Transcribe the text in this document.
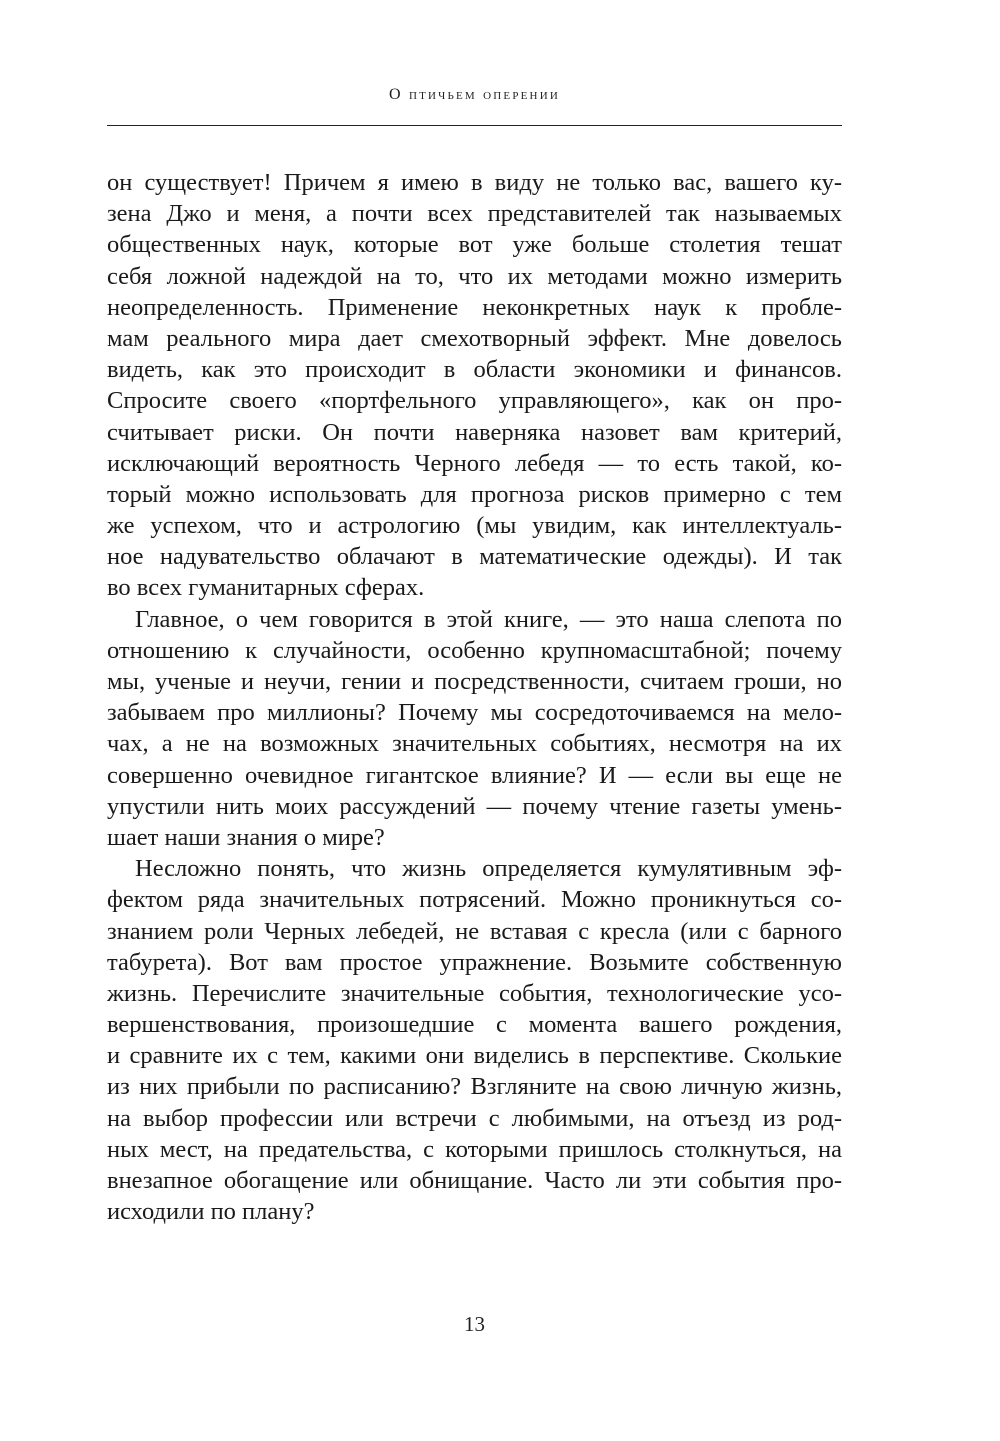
О птичьем оперении
он существует! Причем я имею в виду не только вас, вашего ку-
зена Джо и меня, а почти всех представителей так называемых
общественных наук, которые вот уже больше столетия тешат
себя ложной надеждой на то, что их методами можно измерить
неопределенность. Применение неконкретных наук к пробле-
мам реального мира дает смехотворный эффект. Мне довелось
видеть, как это происходит в области экономики и финансов.
Спросите своего «портфельного управляющего», как он про-
считывает риски. Он почти наверняка назовет вам критерий,
исключающий вероятность Черного лебедя — то есть такой, ко-
торый можно использовать для прогноза рисков примерно с тем
же успехом, что и астрологию (мы увидим, как интеллектуаль-
ное надувательство облачают в математические одежды). И так
во всех гуманитарных сферах.
Главное, о чем говорится в этой книге, — это наша слепота по
отношению к случайности, особенно крупномасштабной; почему
мы, ученые и неучи, гении и посредственности, считаем гроши, но
забываем про миллионы? Почему мы сосредоточиваемся на мело-
чах, а не на возможных значительных событиях, несмотря на их
совершенно очевидное гигантское влияние? И — если вы еще не
упустили нить моих рассуждений — почему чтение газеты умень-
шает наши знания о мире?
Несложно понять, что жизнь определяется кумулятивным эф-
фектом ряда значительных потрясений. Можно проникнуться со-
знанием роли Черных лебедей, не вставая с кресла (или с барного
табурета). Вот вам простое упражнение. Возьмите собственную
жизнь. Перечислите значительные события, технологические усо-
вершенствования, произошедшие с момента вашего рождения,
и сравните их с тем, какими они виделись в перспективе. Сколькие
из них прибыли по расписанию? Взгляните на свою личную жизнь,
на выбор профессии или встречи с любимыми, на отъезд из род-
ных мест, на предательства, с которыми пришлось столкнуться, на
внезапное обогащение или обнищание. Часто ли эти события про-
исходили по плану?
13
